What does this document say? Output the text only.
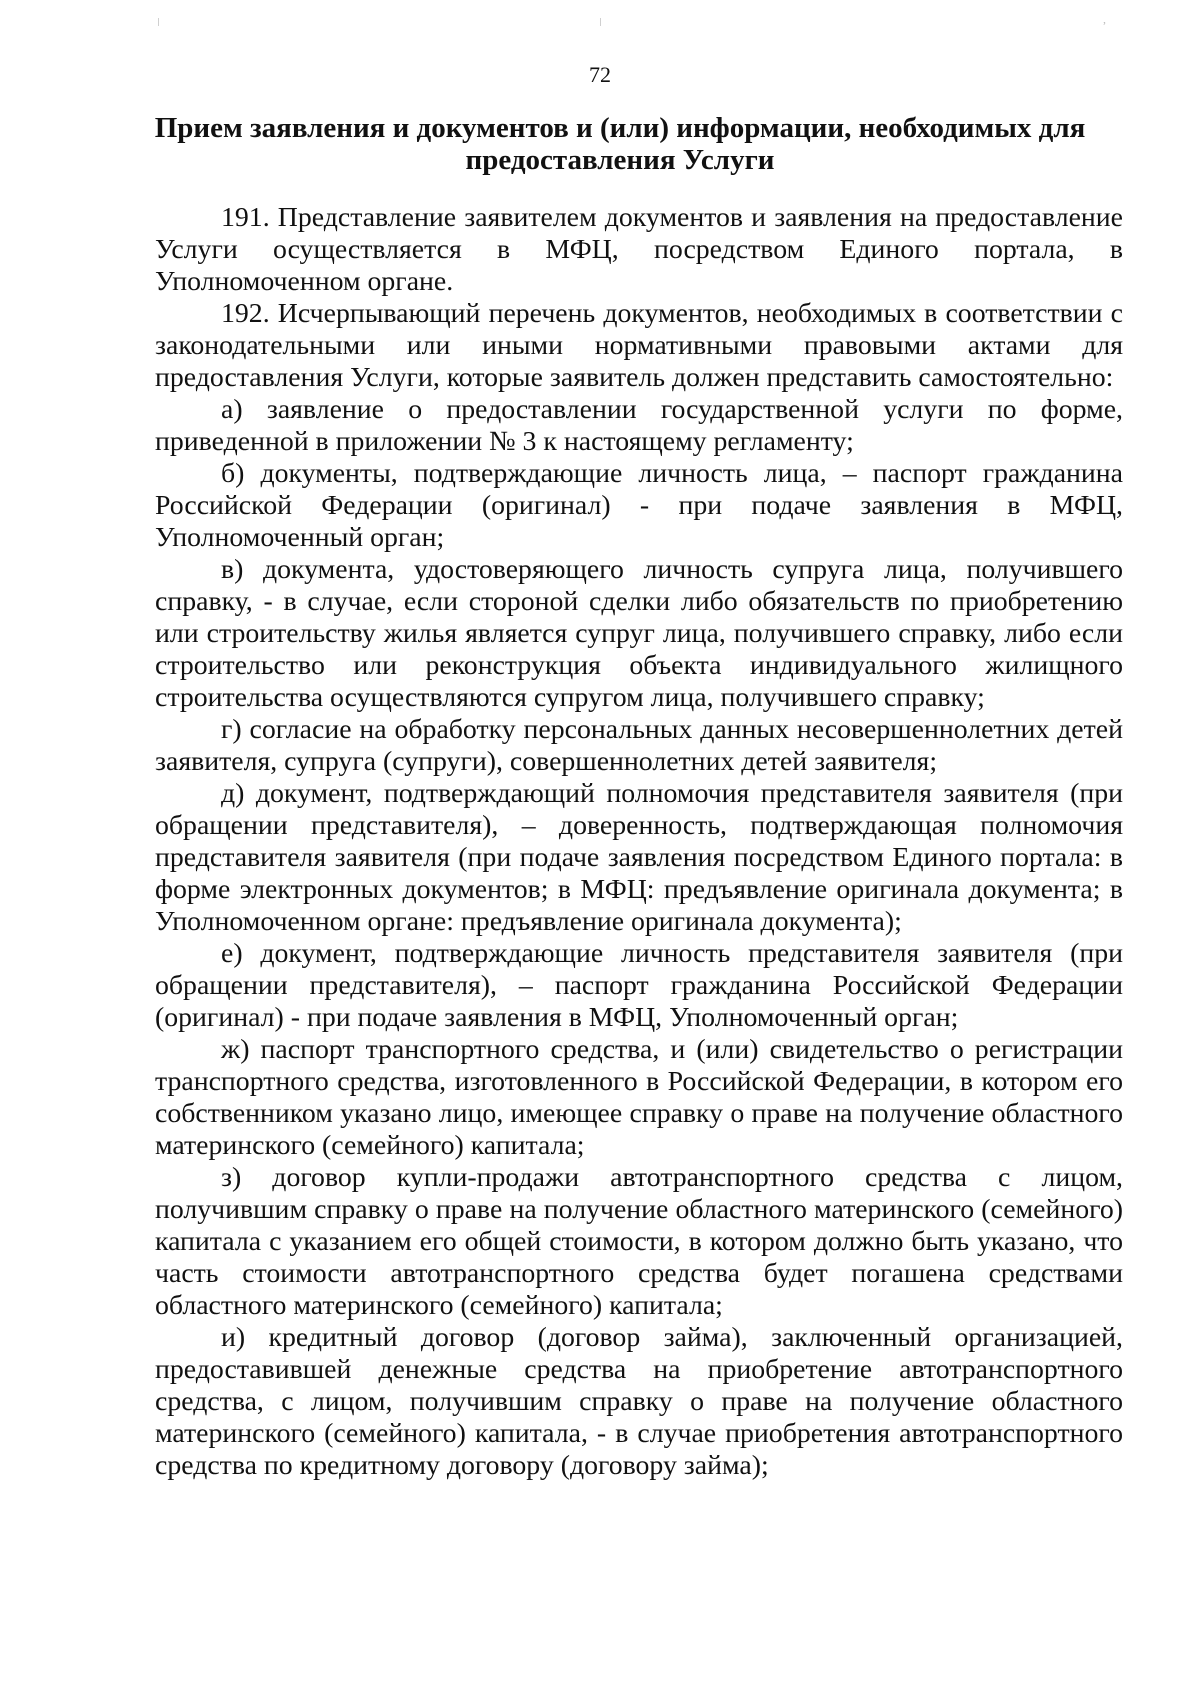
,
72
Прием заявления и документов и (или) информации, необходимых для предоставления Услуги

191. Представление заявителем документов и заявления на предоставление Услуги осуществляется в МФЦ, посредством Единого портала, в Уполномоченном органе.

192. Исчерпывающий перечень документов, необходимых в соответствии с законодательными или иными нормативными правовыми актами для предоставления Услуги, которые заявитель должен представить самостоятельно:

а) заявление о предоставлении государственной услуги по форме, приведенной в приложении № 3 к настоящему регламенту;

б) документы, подтверждающие личность лица, – паспорт гражданина Российской Федерации (оригинал) - при подаче заявления в МФЦ, Уполномоченный орган;

в) документа, удостоверяющего личность супруга лица, получившего справку, - в случае, если стороной сделки либо обязательств по приобретению или строительству жилья является супруг лица, получившего справку, либо если строительство или реконструкция объекта индивидуального жилищного строительства осуществляются супругом лица, получившего справку;

г) согласие на обработку персональных данных несовершеннолетних детей заявителя, супруга (супруги), совершеннолетних детей заявителя;

д) документ, подтверждающий полномочия представителя заявителя (при обращении представителя), – доверенность, подтверждающая полномочия представителя заявителя (при подаче заявления посредством Единого портала: в форме электронных документов; в МФЦ: предъявление оригинала документа; в Уполномоченном органе: предъявление оригинала документа);

е) документ, подтверждающие личность представителя заявителя (при обращении представителя), – паспорт гражданина Российской Федерации (оригинал) - при подаче заявления в МФЦ, Уполномоченный орган;

ж) паспорт транспортного средства, и (или) свидетельство о регистрации транспортного средства, изготовленного в Российской Федерации, в котором его собственником указано лицо, имеющее справку о праве на получение областного материнского (семейного) капитала;

з) договор купли-продажи автотранспортного средства с лицом, получившим справку о праве на получение областного материнского (семейного) капитала с указанием его общей стоимости, в котором должно быть указано, что часть стоимости автотранспортного средства будет погашена средствами областного материнского (семейного) капитала;

и) кредитный договор (договор займа), заключенный организацией, предоставившей денежные средства на приобретение автотранспортного средства, с лицом, получившим справку о праве на получение областного материнского (семейного) капитала, - в случае приобретения автотранспортного средства по кредитному договору (договору займа);
